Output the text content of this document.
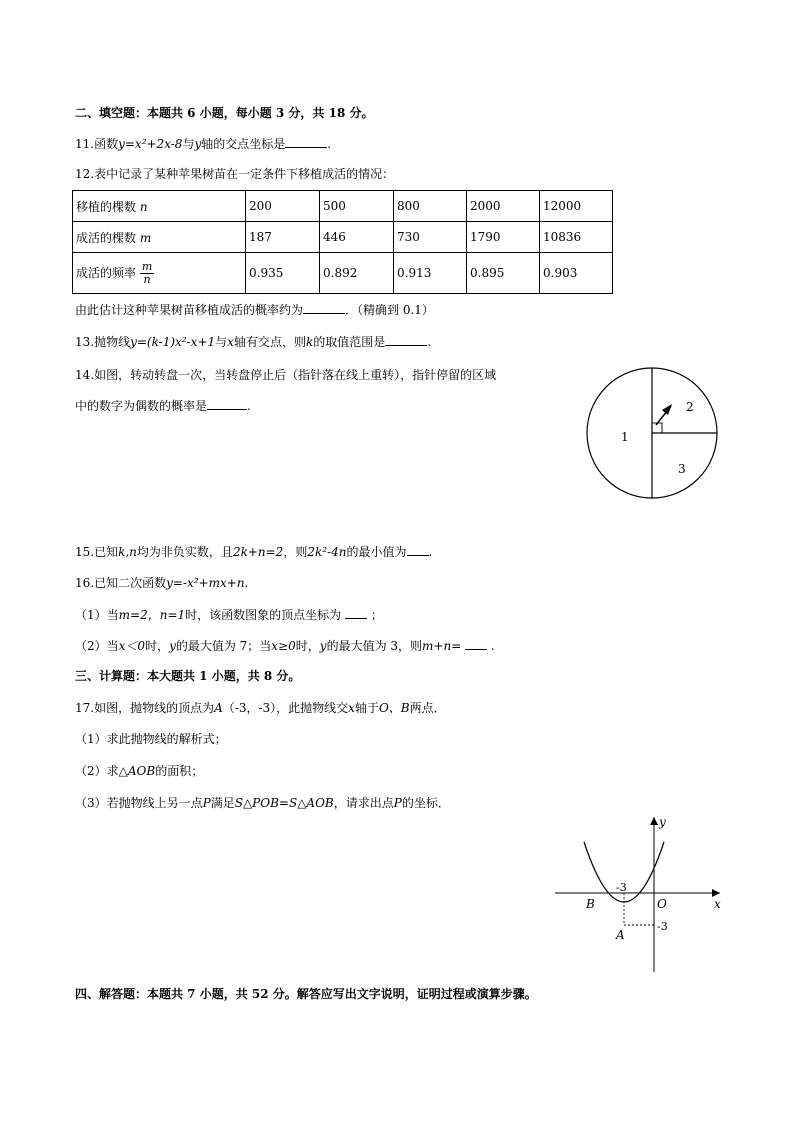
二、填空题：本题共 6 小题，每小题 3 分，共 18 分。
11.函数y=x²+2x-8与y轴的交点坐标是	.
12.表中记录了某种苹果树苗在一定条件下移植成活的情况：
移植的棵数 n	200	500	800	2000	12000
成活的棵数 m	187	446	730	1790	10836
成活的频率 $\frac{m}{n}$	0.935	0.892	0.913	0.895	0.903
由此估计这种苹果树苗移植成活的概率约为	．（精确到 0.1）
13.抛物线y=(k-1)x²-x+1与x轴有交点，则k的取值范围是	.
14.如图，转动转盘一次，当转盘停止后（指针落在线上重转），指针停留的区域
中的数字为偶数的概率是	.
1
2
3
15.已知k,n均为非负实数，且2k+n=2，则2k²-4n的最小值为 .
16.已知二次函数y=-x²+mx+n.
（1）当m=2，n=1时，该函数图象的顶点坐标为 ；
（2）当x＜0时，y的最大值为 7；当x≥0时，y的最大值为 3，则m+n= .
三、计算题：本大题共 1 小题，共 8 分。
17.如图，抛物线的顶点为A（-3，-3），此抛物线交x轴于O、B两点．
（1）求此抛物线的解析式；
（2）求△AOB的面积；
（3）若抛物线上另一点P满足S△POB=S△AOB，请求出点P的坐标．
y
x
O
B
A
-3
-3
四、解答题：本题共 7 小题，共 52 分。解答应写出文字说明，证明过程或演算步骤。
